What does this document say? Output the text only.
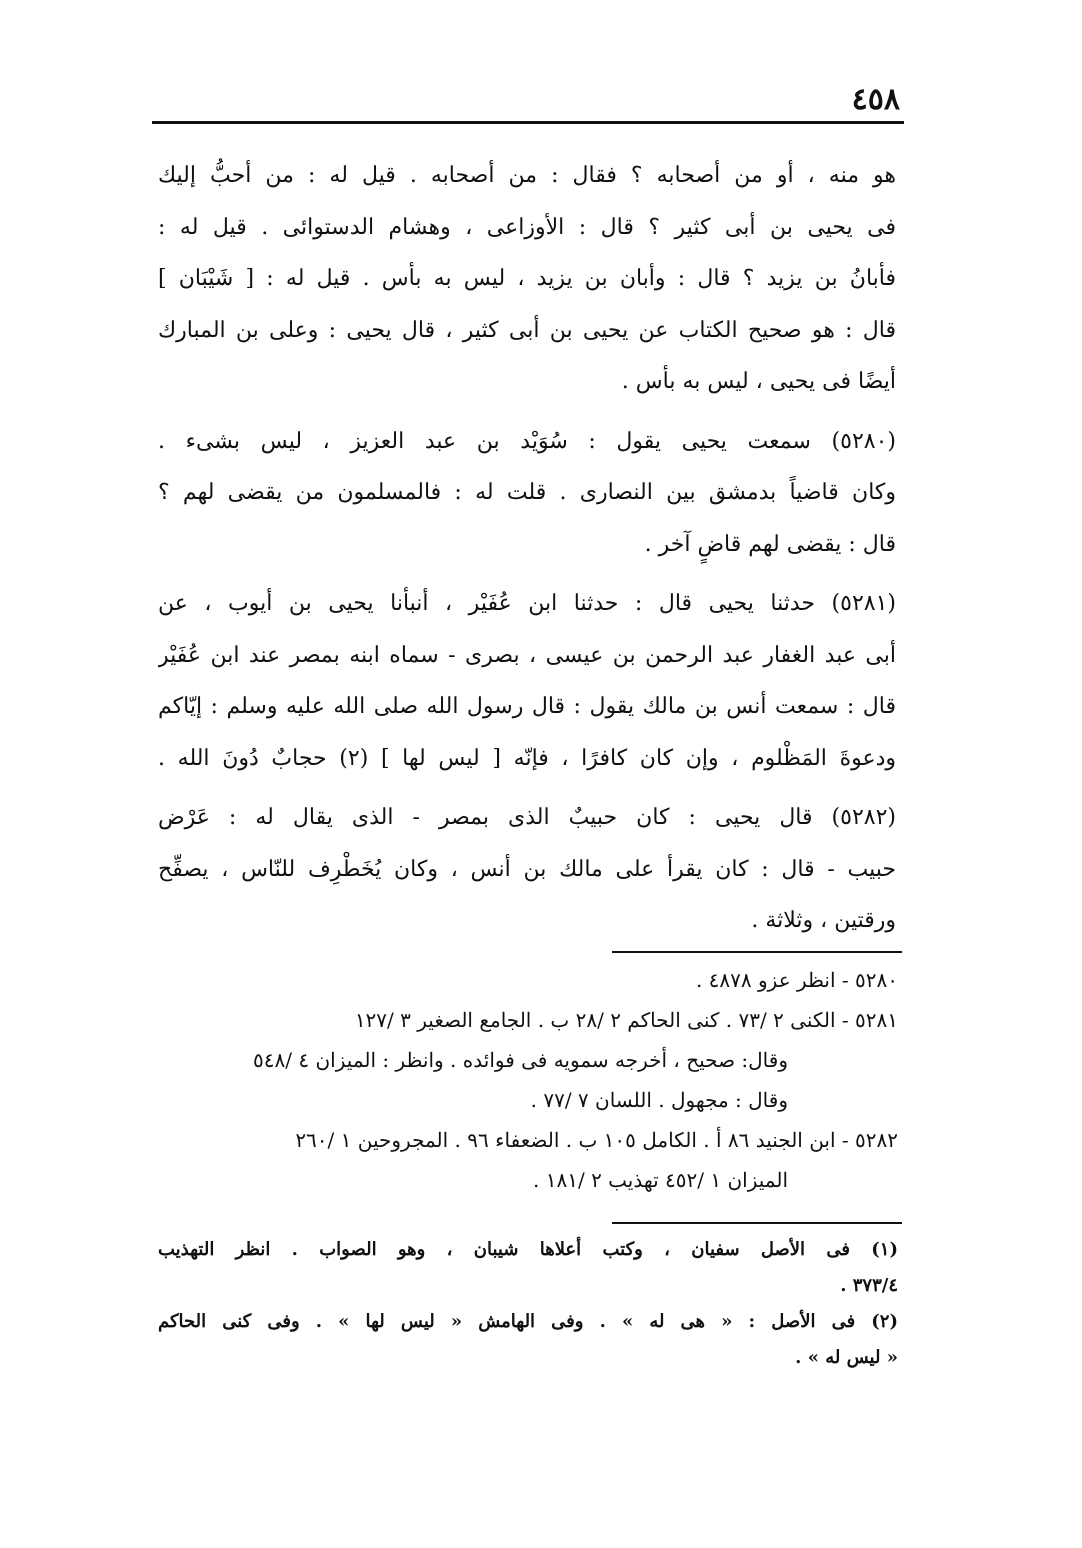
٤٥٨
هو منه ، أو من أصحابه ؟ فقال : من أصحابه . قيل له : من أحبُّ إليك
فى يحيى بن أبى كثير ؟ قال : الأوزاعى ، وهشام الدستوائى . قيل له :
فأبانُ بن يزيد ؟ قال : وأبان بن يزيد ، ليس به بأس . قيل له : [ شَيْبَان ]
قال : هو صحيح الكتاب عن يحيى بن أبى كثير ، قال يحيى : وعلى بن المبارك
أيضًا فى يحيى ، ليس به بأس .
(٥٢٨٠) سمعت يحيى يقول : سُوَيْد بن عبد العزيز ، ليس بشىء .
وكان قاضياً بدمشق بين النصارى . قلت له : فالمسلمون من يقضى لهم ؟
قال : يقضى لهم قاضٍ آخر .
(٥٢٨١) حدثنا يحيى قال : حدثنا ابن عُفَيْر ، أنبأنا يحيى بن أيوب ، عن
أبى عبد الغفار عبد الرحمن بن عيسى ، بصرى - سماه ابنه بمصر عند ابن عُفَيْر
قال : سمعت أنس بن مالك يقول : قال رسول الله صلى الله عليه وسلم : إيّاكم
ودعوةَ المَظْلوم ، وإن كان كافرًا ، فإنّه [ ليس لها ] (٢) حجابٌ دُونَ الله .
(٥٢٨٢) قال يحيى : كان حبيبٌ الذى بمصر - الذى يقال له : عَرْض
حبيب - قال : كان يقرأ على مالك بن أنس ، وكان يُخَطْرِف للنّاس ، يصفِّح
ورقتين ، وثلاثة .
٥٢٨٠ - انظر عزو ٤٨٧٨ .
٥٢٨١ - الكنى ٢ /٧٣ . كنى الحاكم ٢ /٢٨ ب . الجامع الصغير ٣ /١٢٧
وقال: صحيح ، أخرجه سمويه فى فوائده . وانظر : الميزان ٤ /٥٤٨
وقال : مجهول . اللسان ٧ /٧٧ .
٥٢٨٢ - ابن الجنيد ٨٦ أ . الكامل ١٠٥ ب . الضعفاء ٩٦ . المجروحين ١ /٢٦٠
الميزان ١ /٤٥٢ تهذيب ٢ /١٨١ .
(١) فى الأصل سفيان ، وكتب أعلاها شيبان ، وهو الصواب . انظر التهذيب
٣٧٣/٤ .
(٢) فى الأصل : « هى له » . وفى الهامش « ليس لها » . وفى كنى الحاكم
« ليس له » .
